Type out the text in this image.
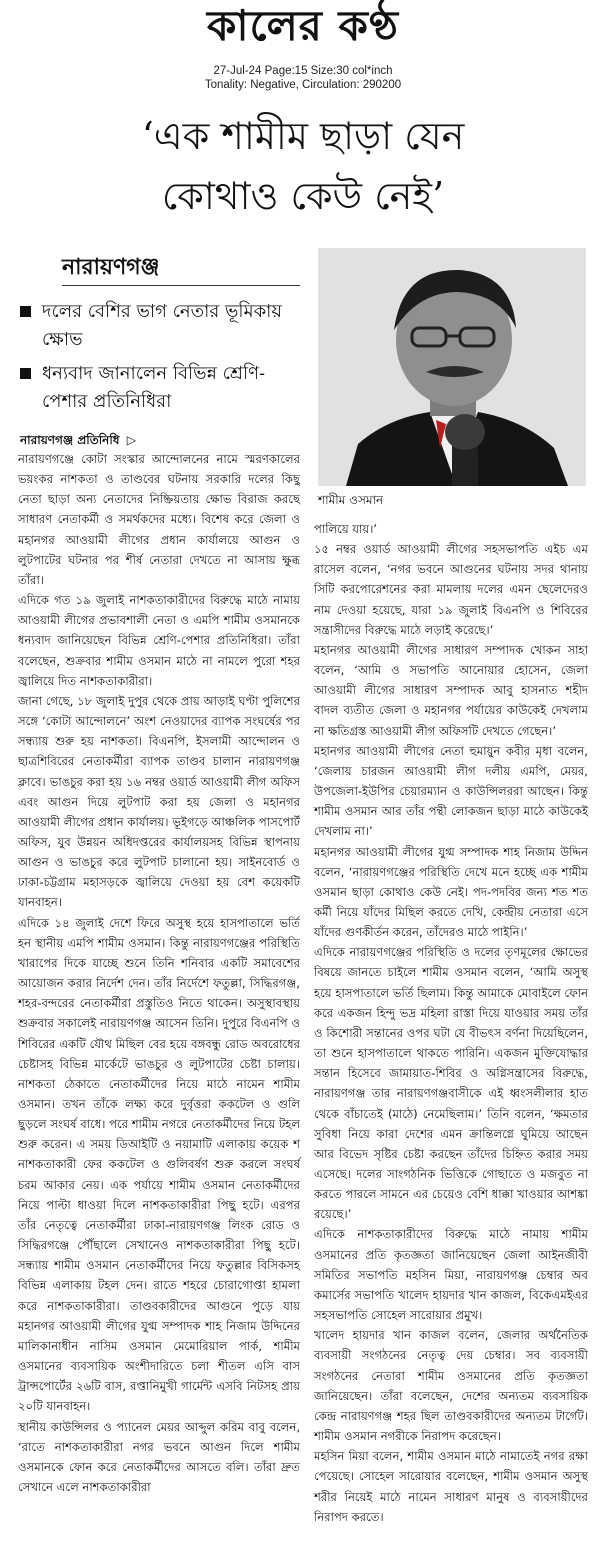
কালের কণ্ঠ
27-Jul-24 Page:15 Size:30 col*inch
Tonality: Negative, Circulation: 290200
‘এক শামীম ছাড়া যেন
কোথাও কেউ নেই’
নারায়ণগঞ্জ
দলের বেশির ভাগ নেতার ভূমিকায় ক্ষোভ
ধন্যবাদ জানালেন বিভিন্ন শ্রেণি-পেশার প্রতিনিধিরা
নারায়ণগঞ্জ প্রতিনিধি ▷
শামীম ওসমান

নারায়ণগঞ্জে কোটা সংস্কার আন্দোলনের নামে স্মরণকালের ভয়ংকর নাশকতা ও তাণ্ডবের ঘটনায় সরকারি দলের কিছু নেতা ছাড়া অন্য নেতাদের নিষ্ক্রিয়তায় ক্ষোভ বিরাজ করছে সাধারণ নেতাকর্মী ও সমর্থকদের মধ্যে। বিশেষ করে জেলা ও মহানগর আওয়ামী লীগের প্রধান কার্যালয়ে আগুন ও লুটপাটের ঘটনার পর শীর্ষ নেতারা দেখতে না আসায় ক্ষুব্ধ তাঁরা।

এদিকে গত ১৯ জুলাই নাশকতাকারীদের বিরুদ্ধে মাঠে নামায় আওয়ামী লীগের প্রভাবশালী নেতা ও এমপি শামীম ওসমানকে ধন্যবাদ জানিয়েছেন বিভিন্ন শ্রেণি-পেশার প্রতিনিধিরা। তাঁরা বলেছেন, শুক্রবার শামীম ওসমান মাঠে না নামলে পুরো শহর জ্বালিয়ে দিত নাশকতাকারীরা।

জানা গেছে, ১৮ জুলাই দুপুর থেকে প্রায় আড়াই ঘণ্টা পুলিশের সঙ্গে ‘কোটা আন্দোলনে’ অংশ নেওয়াদের ব্যাপক সংঘর্ষের পর সন্ধ্যায় শুরু হয় নাশকতা। বিএনপি, ইসলামী আন্দোলন ও ছাত্রশিবিরের নেতাকর্মীরা ব্যাপক তাণ্ডব চালান নারায়ণগঞ্জ ক্লাবে। ভাঙচুর করা হয় ১৬ নম্বর ওয়ার্ড আওয়ামী লীগ অফিস এবং আগুন দিয়ে লুটপাট করা হয় জেলা ও মহানগর আওয়ামী লীগের প্রধান কার্যালয়। ভূইগড়ে আঞ্চলিক পাসপোর্ট অফিস, যুব উন্নয়ন অধিদপ্তরের কার্যালয়সহ বিভিন্ন স্থাপনায় আগুন ও ভাঙচুর করে লুটপাট চালানো হয়। সাইনবোর্ড ও ঢাকা-চট্টগ্রাম মহাসড়কে জ্বালিয়ে দেওয়া হয় বেশ কয়েকটি যানবাহন।

এদিকে ১৪ জুলাই দেশে ফিরে অসুস্থ হয়ে হাসপাতালে ভর্তি হন স্থানীয় এমপি শামীম ওসমান। কিন্তু নারায়ণগঞ্জের পরিস্থিতি খারাপের দিকে যাচ্ছে শুনে তিনি শনিবার একটি সমাবেশের আয়োজন করার নির্দেশ দেন। তাঁর নির্দেশে ফতুল্লা, সিদ্ধিরগঞ্জ, শহর-বন্দরের নেতাকর্মীরা প্রস্তুতিও নিতে থাকেন। অসুস্থাবস্থায় শুক্রবার সকালেই নারায়ণগঞ্জ আসেন তিনি। দুপুরে বিএনপি ও শিবিরের একটি যৌথ মিছিল বের হয়ে বঙ্গবন্ধু রোড অবরোধের চেষ্টাসহ বিভিন্ন মার্কেটে ভাঙচুর ও লুটপাটের চেষ্টা চালায়। নাশকতা ঠেকাতে নেতাকর্মীদের নিয়ে মাঠে নামেন শামীম ওসমান। তখন তাঁকে লক্ষ্য করে দুর্বৃত্তরা ককটেল ও গুলি ছুড়লে সংঘর্ষ বাধে। পরে শামীম নগরে নেতাকর্মীদের নিয়ে টহল শুরু করেন। এ সময় ডিআইটি ও নয়ামাটি এলাকায় কয়েক শ নাশকতাকারী ফের ককটেল ও গুলিবর্ষণ শুরু করলে সংঘর্ষ চরম আকার নেয়। এক পর্যায়ে শামীম ওসমান নেতাকর্মীদের নিয়ে পাল্টা ধাওয়া দিলে নাশকতাকারীরা পিছু হটে। এরপর তাঁর নেতৃত্বে নেতাকর্মীরা ঢাকা-নারায়ণগঞ্জ লিংক রোড ও সিদ্ধিরগঞ্জে পৌঁছালে সেখানেও নাশকতাকারীরা পিছু হটে। সন্ধ্যায় শামীম ওসমান নেতাকর্মীদের নিয়ে ফতুল্লার বিসিকসহ বিভিন্ন এলাকায় টহল দেন। রাতে শহরে চোরাগোপ্তা হামলা করে নাশকতাকারীরা। তাণ্ডবকারীদের আগুনে পুড়ে যায় মহানগর আওয়ামী লীগের যুগ্ম সম্পাদক শাহ নিজাম উদ্দিনের মালিকানাধীন নাসিম ওসমান মেমোরিয়াল পার্ক, শামীম ওসমানের ব্যবসায়িক অংশীদারিতে চলা শীতল এসি বাস ট্রান্সপোর্টের ২৬টি বাস, রপ্তানিমুখী গার্মেন্ট এসবি নিটসহ প্রায় ২০টি যানবাহন।

স্থানীয় কাউন্সিলর ও প্যানেল মেয়র আব্দুল করিম বাবু বলেন, ‘রাতে নাশকতাকারীরা নগর ভবনে আগুন দিলে শামীম ওসমানকে ফোন করে নেতাকর্মীদের আসতে বলি। তাঁরা দ্রুত সেখানে এলে নাশকতাকারীরা

পালিয়ে যায়।’

১৫ নম্বর ওয়ার্ড আওয়ামী লীগের সহসভাপতি এইচ এম রাসেল বলেন, ‘নগর ভবনে আগুনের ঘটনায় সদর থানায় সিটি করপোরেশনের করা মামলায় দলের এমন ছেলেদেরও নাম দেওয়া হয়েছে, যারা ১৯ জুলাই বিএনপি ও শিবিরের সন্ত্রাসীদের বিরুদ্ধে মাঠে লড়াই করেছে।’

মহানগর আওয়ামী লীগের সাধারণ সম্পাদক খোকন সাহা বলেন, ‘আমি ও সভাপতি আনোয়ার হোসেন, জেলা আওয়ামী লীগের সাধারণ সম্পাদক আবু হাসনাত শহীদ বাদল ব্যতীত জেলা ও মহানগর পর্যায়ের কাউকেই দেখলাম না ক্ষতিগ্রস্ত আওয়ামী লীগ অফিসটি দেখতে গেছেন।’

মহানগর আওয়ামী লীগের নেতা হুমায়ুন কবীর মৃধা বলেন, ‘জেলায় চারজন আওয়ামী লীগ দলীয় এমপি, মেয়র, উপজেলা-ইউপির চেয়ারম্যান ও কাউন্সিলররা আছেন। কিন্তু শামীম ওসমান আর তাঁর পন্থী লোকজন ছাড়া মাঠে কাউকেই দেখলাম না।’

মহানগর আওয়ামী লীগের যুগ্ম সম্পাদক শাহ নিজাম উদ্দিন বলেন, ‘নারায়ণগঞ্জের পরিস্থিতি দেখে মনে হচ্ছে এক শামীম ওসমান ছাড়া কোথাও কেউ নেই। পদ-পদবির জন্য শত শত কর্মী নিয়ে যাঁদের মিছিল করতে দেখি, কেন্দ্রীয় নেতারা এসে যাঁদের গুণকীর্তন করেন, তাঁদেরও মাঠে পাইনি।’

এদিকে নারায়ণগঞ্জের পরিস্থিতি ও দলের তৃণমূলের ক্ষোভের বিষয়ে জানতে চাইলে শামীম ওসমান বলেন, ‘আমি অসুস্থ হয়ে হাসপাতালে ভর্তি ছিলাম। কিন্তু আমাকে মোবাইলে ফোন করে একজন হিন্দু ভদ্র মহিলা রাস্তা দিয়ে যাওয়ার সময় তাঁর ও কিশোরী সন্তানের ওপর ঘটা যে বীভৎস বর্ণনা দিয়েছিলেন, তা শুনে হাসপাতালে থাকতে পারিনি। একজন মুক্তিযোদ্ধার সন্তান হিসেবে জামায়াত-শিবির ও অগ্নিসন্ত্রাসের বিরুদ্ধে, নারায়ণগঞ্জ তার নারায়ণগঞ্জবাসীকে এই ধ্বংসলীলার হাত থেকে বাঁচাতেই (মাঠে) নেমেছিলাম।’ তিনি বলেন, ‘ক্ষমতার সুবিধা নিয়ে কারা দেশের এমন ক্রান্তিলগ্নে ঘুমিয়ে আছেন আর বিভেদ সৃষ্টির চেষ্টা করছেন তাঁদের চিহ্নিত করার সময় এসেছে। দলের সাংগঠনিক ভিত্তিকে গোছাতে ও মজবুত না করতে পারলে সামনে এর চেয়েও বেশি ধাক্কা খাওয়ার আশঙ্কা রয়েছে।’

এদিকে নাশকতাকারীদের বিরুদ্ধে মাঠে নামায় শামীম ওসমানের প্রতি কৃতজ্ঞতা জানিয়েছেন জেলা আইনজীবী সমিতির সভাপতি মহসিন মিয়া, নারায়ণগঞ্জ চেম্বার অব কমার্সের সভাপতি খালেদ হায়দার খান কাজল, বিকেএমইএর সহসভাপতি সোহেল সারোয়ার প্রমুখ।

খালেদ হায়দার খান কাজল বলেন, জেলার অর্থনৈতিক ব্যবসায়ী সংগঠনের নেতৃত্ব দেয় চেম্বার। সব ব্যবসায়ী সংগঠনের নেতারা শামীম ওসমানের প্রতি কৃতজ্ঞতা জানিয়েছেন। তাঁরা বলেছেন, দেশের অন্যতম ব্যবসায়িক কেন্দ্র নারায়ণগঞ্জ শহর ছিল তাণ্ডবকারীদের অন্যতম টার্গেট। শামীম ওসমান নগরীকে নিরাপদ করেছেন।

মহসিন মিয়া বলেন, শামীম ওসমান মাঠে নামাতেই নগর রক্ষা পেয়েছে। সোহেল সারোয়ার বলেছেন, শামীম ওসমান অসুস্থ শরীর নিয়েই মাঠে নামেন সাধারণ মানুষ ও ব্যবসায়ীদের নিরাপদ করতে।
